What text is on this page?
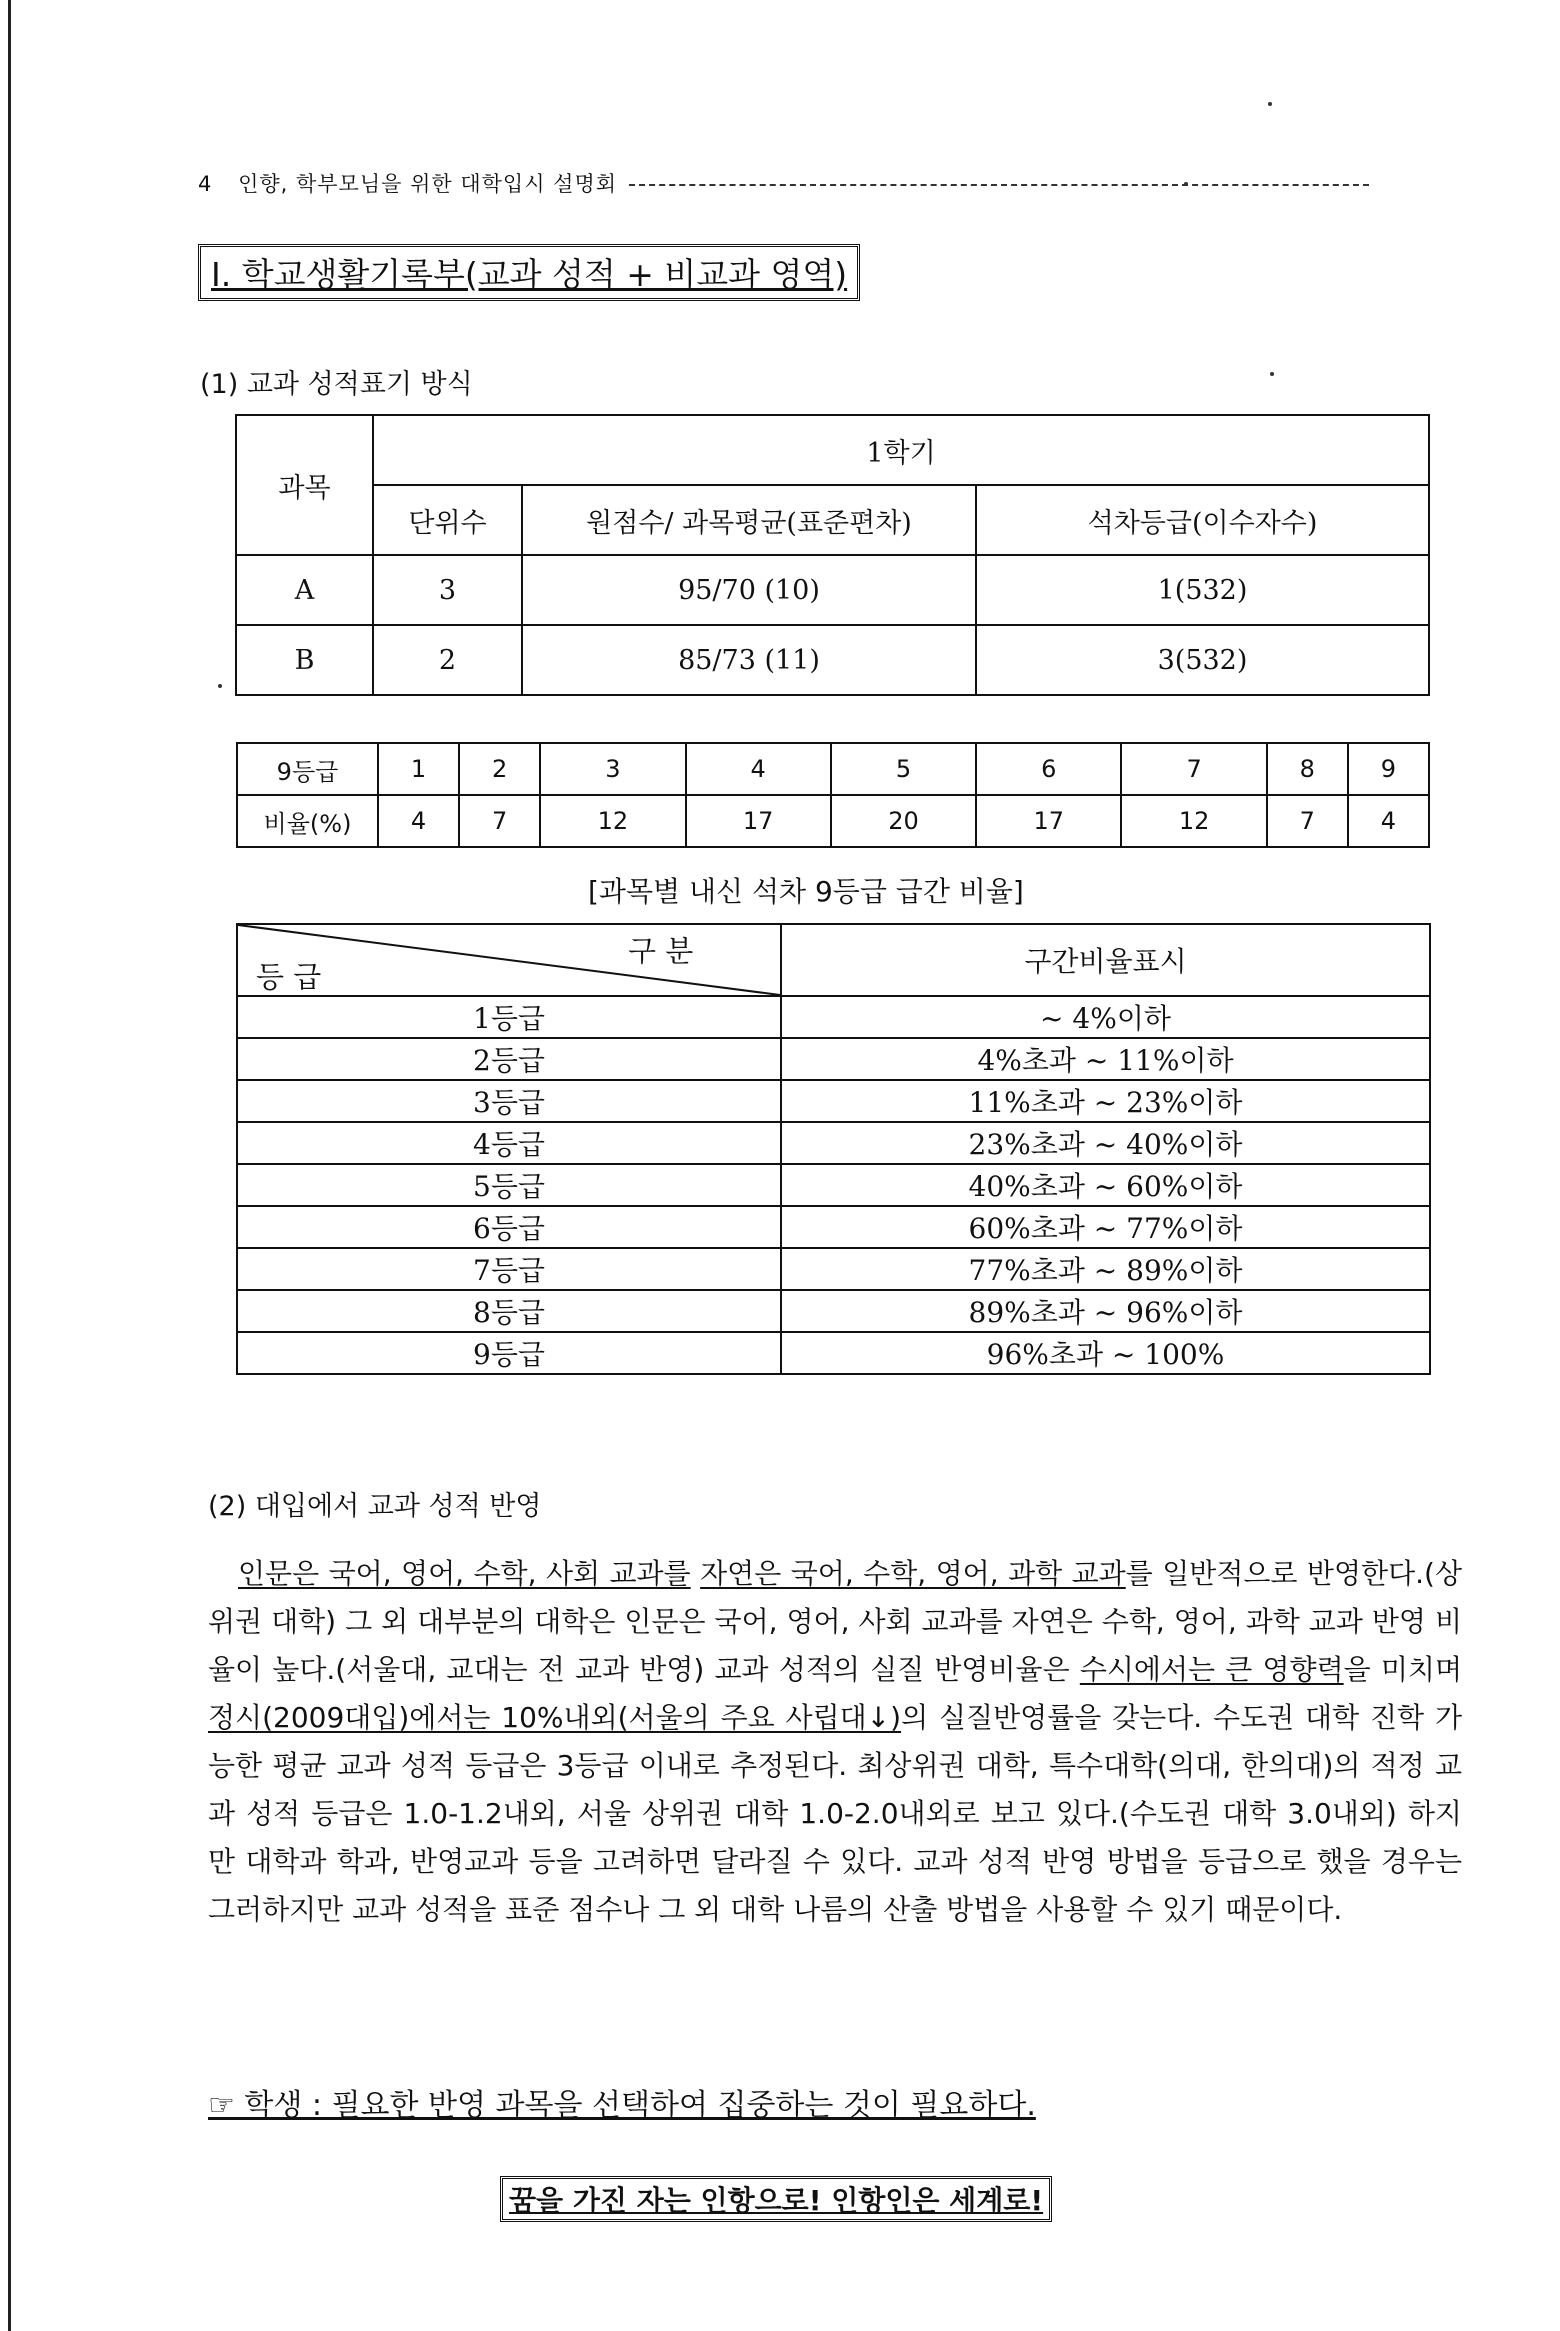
4 인향, 학부모님을 위한 대학입시 설명회
I. 학교생활기록부(교과 성적 + 비교과 영역)
(1) 교과 성적표기 방식
과목	1학기		
	단위수	원점수/ 과목평균(표준편차)	석차등급(이수자수)
A	3	95/70 (10)	1(532)
B	2	85/73 (11)	3(532)
9등급	1	2	3	4	5	6	7	8	9
비율(%)	4	7	12	17	20	17	12	7	4
[과목별 내신 석차 9등급 급간 비율]
구 분
등 급	구간비율표시
1등급	~ 4%이하
2등급	4%초과 ~ 11%이하
3등급	11%초과 ~ 23%이하
4등급	23%초과 ~ 40%이하
5등급	40%초과 ~ 60%이하
6등급	60%초과 ~ 77%이하
7등급	77%초과 ~ 89%이하
8등급	89%초과 ~ 96%이하
9등급	96%초과 ~ 100%
(2) 대입에서 교과 성적 반영
인문은 국어, 영어, 수학, 사회 교과를 자연은 국어, 수학, 영어, 과학 교과를 일반적으로 반영한다.(상위권 대학) 그 외 대부분의 대학은 인문은 국어, 영어, 사회 교과를 자연은 수학, 영어, 과학 교과 반영 비율이 높다.(서울대, 교대는 전 교과 반영) 교과 성적의 실질 반영비율은 수시에서는 큰 영향력을 미치며 정시(2009대입)에서는 10%내외(서울의 주요 사립대↓)의 실질반영률을 갖는다. 수도권 대학 진학 가능한 평균 교과 성적 등급은 3등급 이내로 추정된다. 최상위권 대학, 특수대학(의대, 한의대)의 적정 교과 성적 등급은 1.0-1.2내외, 서울 상위권 대학 1.0-2.0내외로 보고 있다.(수도권 대학 3.0내외) 하지만 대학과 학과, 반영교과 등을 고려하면 달라질 수 있다. 교과 성적 반영 방법을 등급으로 했을 경우는 그러하지만 교과 성적을 표준 점수나 그 외 대학 나름의 산출 방법을 사용할 수 있기 때문이다.
☞ 학생 : 필요한 반영 과목을 선택하여 집중하는 것이 필요하다.
꿈을 가진 자는 인항으로! 인항인은 세계로!
